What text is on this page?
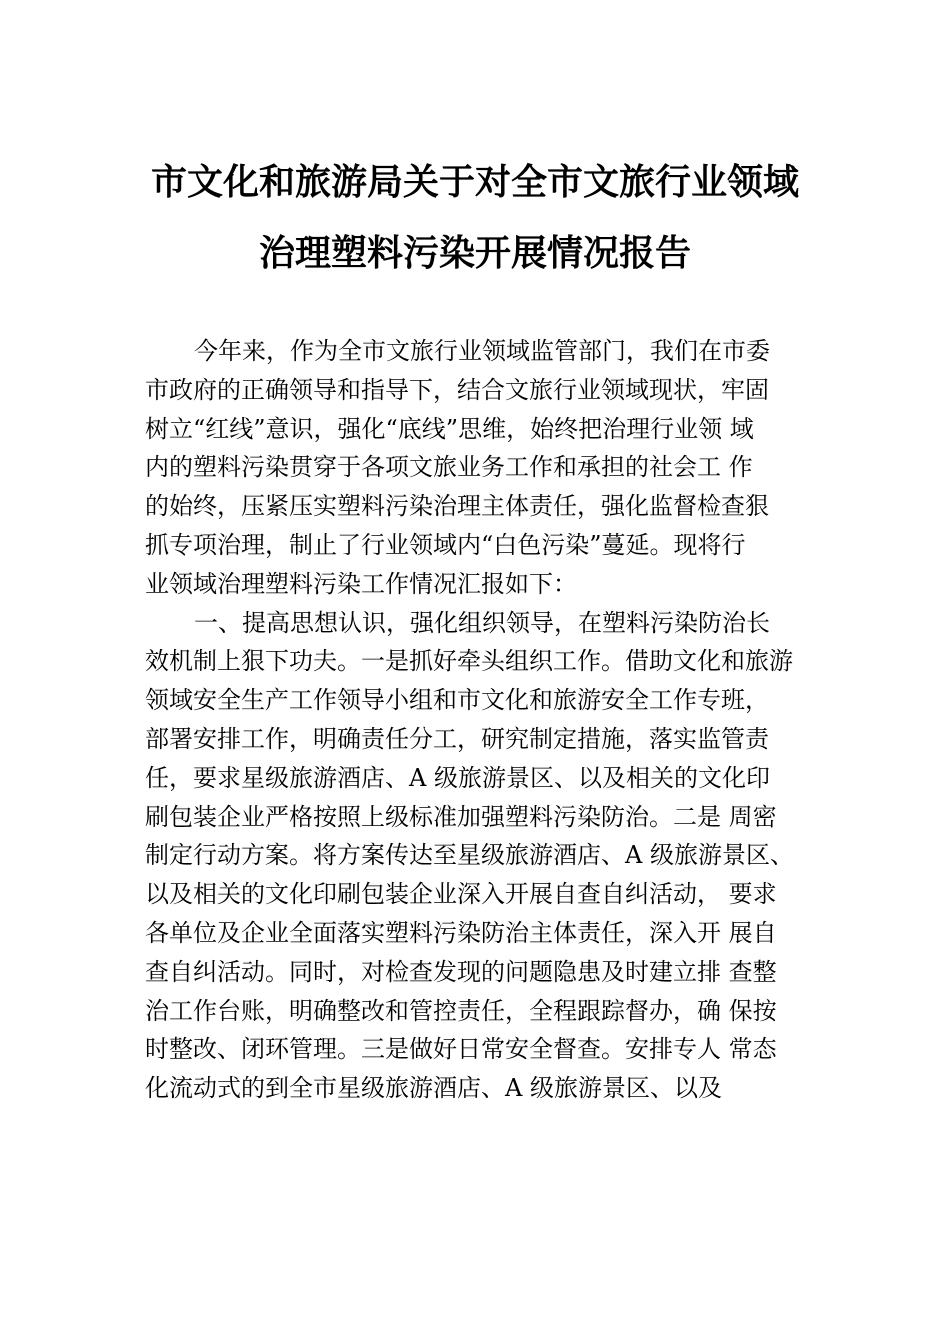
市文化和旅游局关于对全市文旅行业领域
治理塑料污染开展情况报告
今年来，作为全市文旅行业领域监管部门，我们在市委
市政府的正确领导和指导下，结合文旅行业领域现状，牢固
树立“红线”意识，强化“底线”思维，始终把治理行业领 域
内的塑料污染贯穿于各项文旅业务工作和承担的社会工 作
的始终，压紧压实塑料污染治理主体责任，强化监督检查狠
抓专项治理，制止了行业领域内“白色污染”蔓延。现将行
业领域治理塑料污染工作情况汇报如下：
一、提高思想认识，强化组织领导，在塑料污染防治长
效机制上狠下功夫。一是抓好牵头组织工作。借助文化和旅游
领域安全生产工作领导小组和市文化和旅游安全工作专班，
部署安排工作，明确责任分工，研究制定措施，落实监管责
任，要求星级旅游酒店、A 级旅游景区、以及相关的文化印
刷包装企业严格按照上级标准加强塑料污染防治。二是 周密
制定行动方案。将方案传达至星级旅游酒店、A 级旅游景区、
以及相关的文化印刷包装企业深入开展自查自纠活动， 要求
各单位及企业全面落实塑料污染防治主体责任，深入开 展自
查自纠活动。同时，对检查发现的问题隐患及时建立排 查整
治工作台账，明确整改和管控责任，全程跟踪督办，确 保按
时整改、闭环管理。三是做好日常安全督查。安排专人 常态
化流动式的到全市星级旅游酒店、A 级旅游景区、以及
